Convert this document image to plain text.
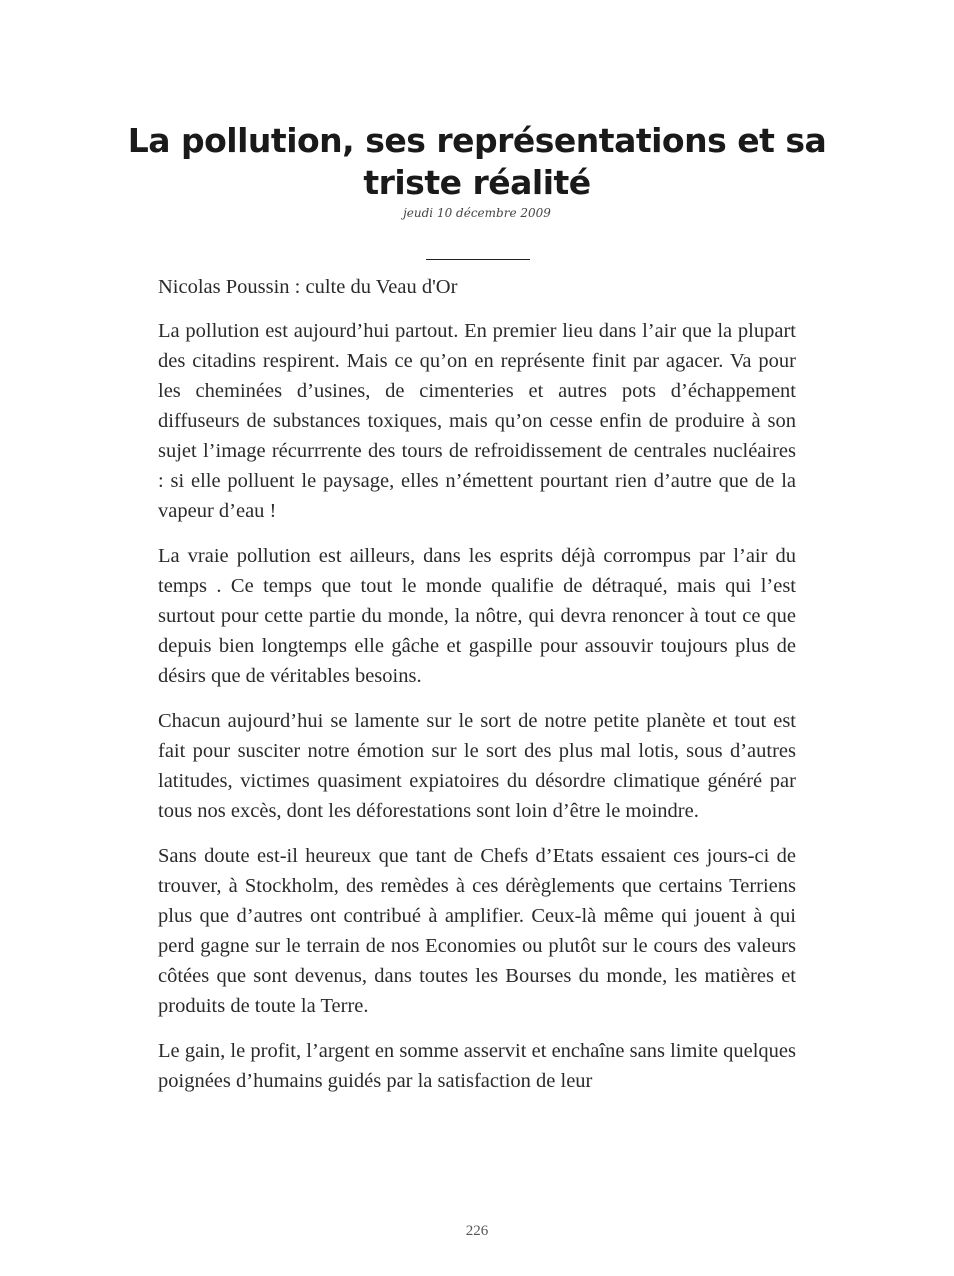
La pollution, ses représentations et sa triste réalité
jeudi 10 décembre 2009

Nicolas Poussin : culte du Veau d'Or

La pollution est aujourd’hui partout. En premier lieu dans l’air que la plupart des citadins respirent. Mais ce qu’on en représente finit par agacer. Va pour les cheminées d’usines, de cimenteries et autres pots d’échappement diffuseurs de substances toxiques, mais qu’on cesse enfin de produire à son sujet l’image récurrrente des tours de refroidissement de centrales nucléaires : si elle polluent le paysage, elles n’émettent pourtant rien d’autre que de la vapeur d’eau !

La vraie pollution est ailleurs, dans les esprits déjà corrompus par l’air du temps . Ce temps que tout le monde qualifie de détraqué, mais qui l’est surtout pour cette partie du monde, la nôtre, qui devra renoncer à tout ce que depuis bien longtemps elle gâche et gaspille pour assouvir toujours plus de désirs que de véritables besoins.

Chacun aujourd’hui se lamente sur le sort de notre petite planète et tout est fait pour susciter notre émotion sur le sort des plus mal lotis, sous d’autres latitudes, victimes quasiment expiatoires du désordre climatique généré par tous nos excès, dont les déforestations sont loin d’être le moindre.

Sans doute est-il heureux que tant de Chefs d’Etats essaient ces jours-ci de trouver, à Stockholm, des remèdes à ces dérèglements que certains Terriens plus que d’autres ont contribué à amplifier. Ceux-là même qui jouent à qui perd gagne sur le terrain de nos Economies ou plutôt sur le cours des valeurs côtées que sont devenus, dans toutes les Bourses du monde, les matières et produits de toute la Terre.

Le gain, le profit, l’argent en somme asservit et enchaîne sans limite quelques poignées d’humains guidés par la satisfaction de leur

226
